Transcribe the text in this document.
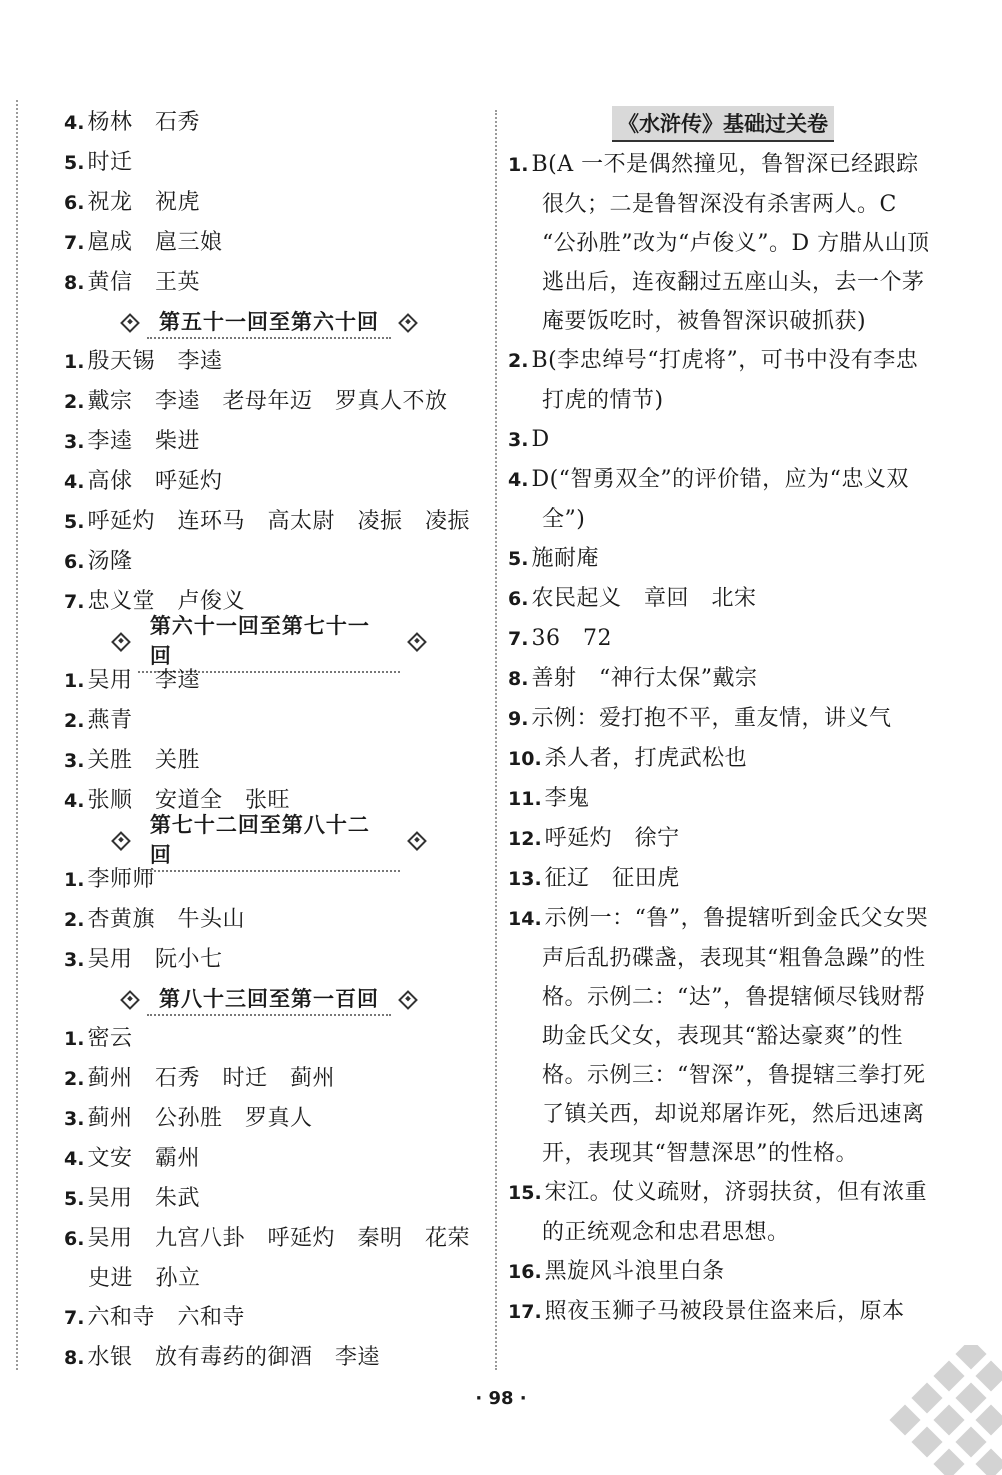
4. 杨林　石秀
5. 时迁
6. 祝龙　祝虎
7. 扈成　扈三娘
8. 黄信　王英
第五十一回至第六十回
1. 殷天锡　李逵
2. 戴宗　李逵　老母年迈　罗真人不放
3. 李逵　柴进
4. 高俅　呼延灼
5. 呼延灼　连环马　高太尉　凌振　凌振
6. 汤隆
7. 忠义堂　卢俊义
第六十一回至第七十一回
1. 吴用　李逵
2. 燕青
3. 关胜　关胜
4. 张顺　安道全　张旺
第七十二回至第八十二回
1. 李师师
2. 杏黄旗　牛头山
3. 吴用　阮小七
第八十三回至第一百回
1. 密云
2. 蓟州　石秀　时迁　蓟州
3. 蓟州　公孙胜　罗真人
4. 文安　霸州
5. 吴用　朱武
6. 吴用　九宫八卦　呼延灼　秦明　花荣　史进　孙立
7. 六和寺　六和寺
8. 水银　放有毒药的御酒　李逵
《水浒传》基础过关卷
1. B(A 一不是偶然撞见，鲁智深已经跟踪很久；二是鲁智深没有杀害两人。C “公孙胜”改为“卢俊义”。D 方腊从山顶逃出后，连夜翻过五座山头，去一个茅庵要饭吃时，被鲁智深识破抓获)
2. B(李忠绰号“打虎将”，可书中没有李忠打虎的情节)
3. D
4. D(“智勇双全”的评价错，应为“忠义双全”)
5. 施耐庵
6. 农民起义　章回　北宋
7. 36　72
8. 善射　“神行太保”戴宗
9. 示例：爱打抱不平，重友情，讲义气
10. 杀人者，打虎武松也
11. 李鬼
12. 呼延灼　徐宁
13. 征辽　征田虎
14. 示例一：“鲁”，鲁提辖听到金氏父女哭声后乱扔碟盏，表现其“粗鲁急躁”的性格。示例二：“达”，鲁提辖倾尽钱财帮助金氏父女，表现其“豁达豪爽”的性格。示例三：“智深”，鲁提辖三拳打死了镇关西，却说郑屠诈死，然后迅速离开，表现其“智慧深思”的性格。
15. 宋江。仗义疏财，济弱扶贫，但有浓重的正统观念和忠君思想。
16. 黑旋风斗浪里白条
17. 照夜玉狮子马被段景住盗来后，原本
· 98 ·
